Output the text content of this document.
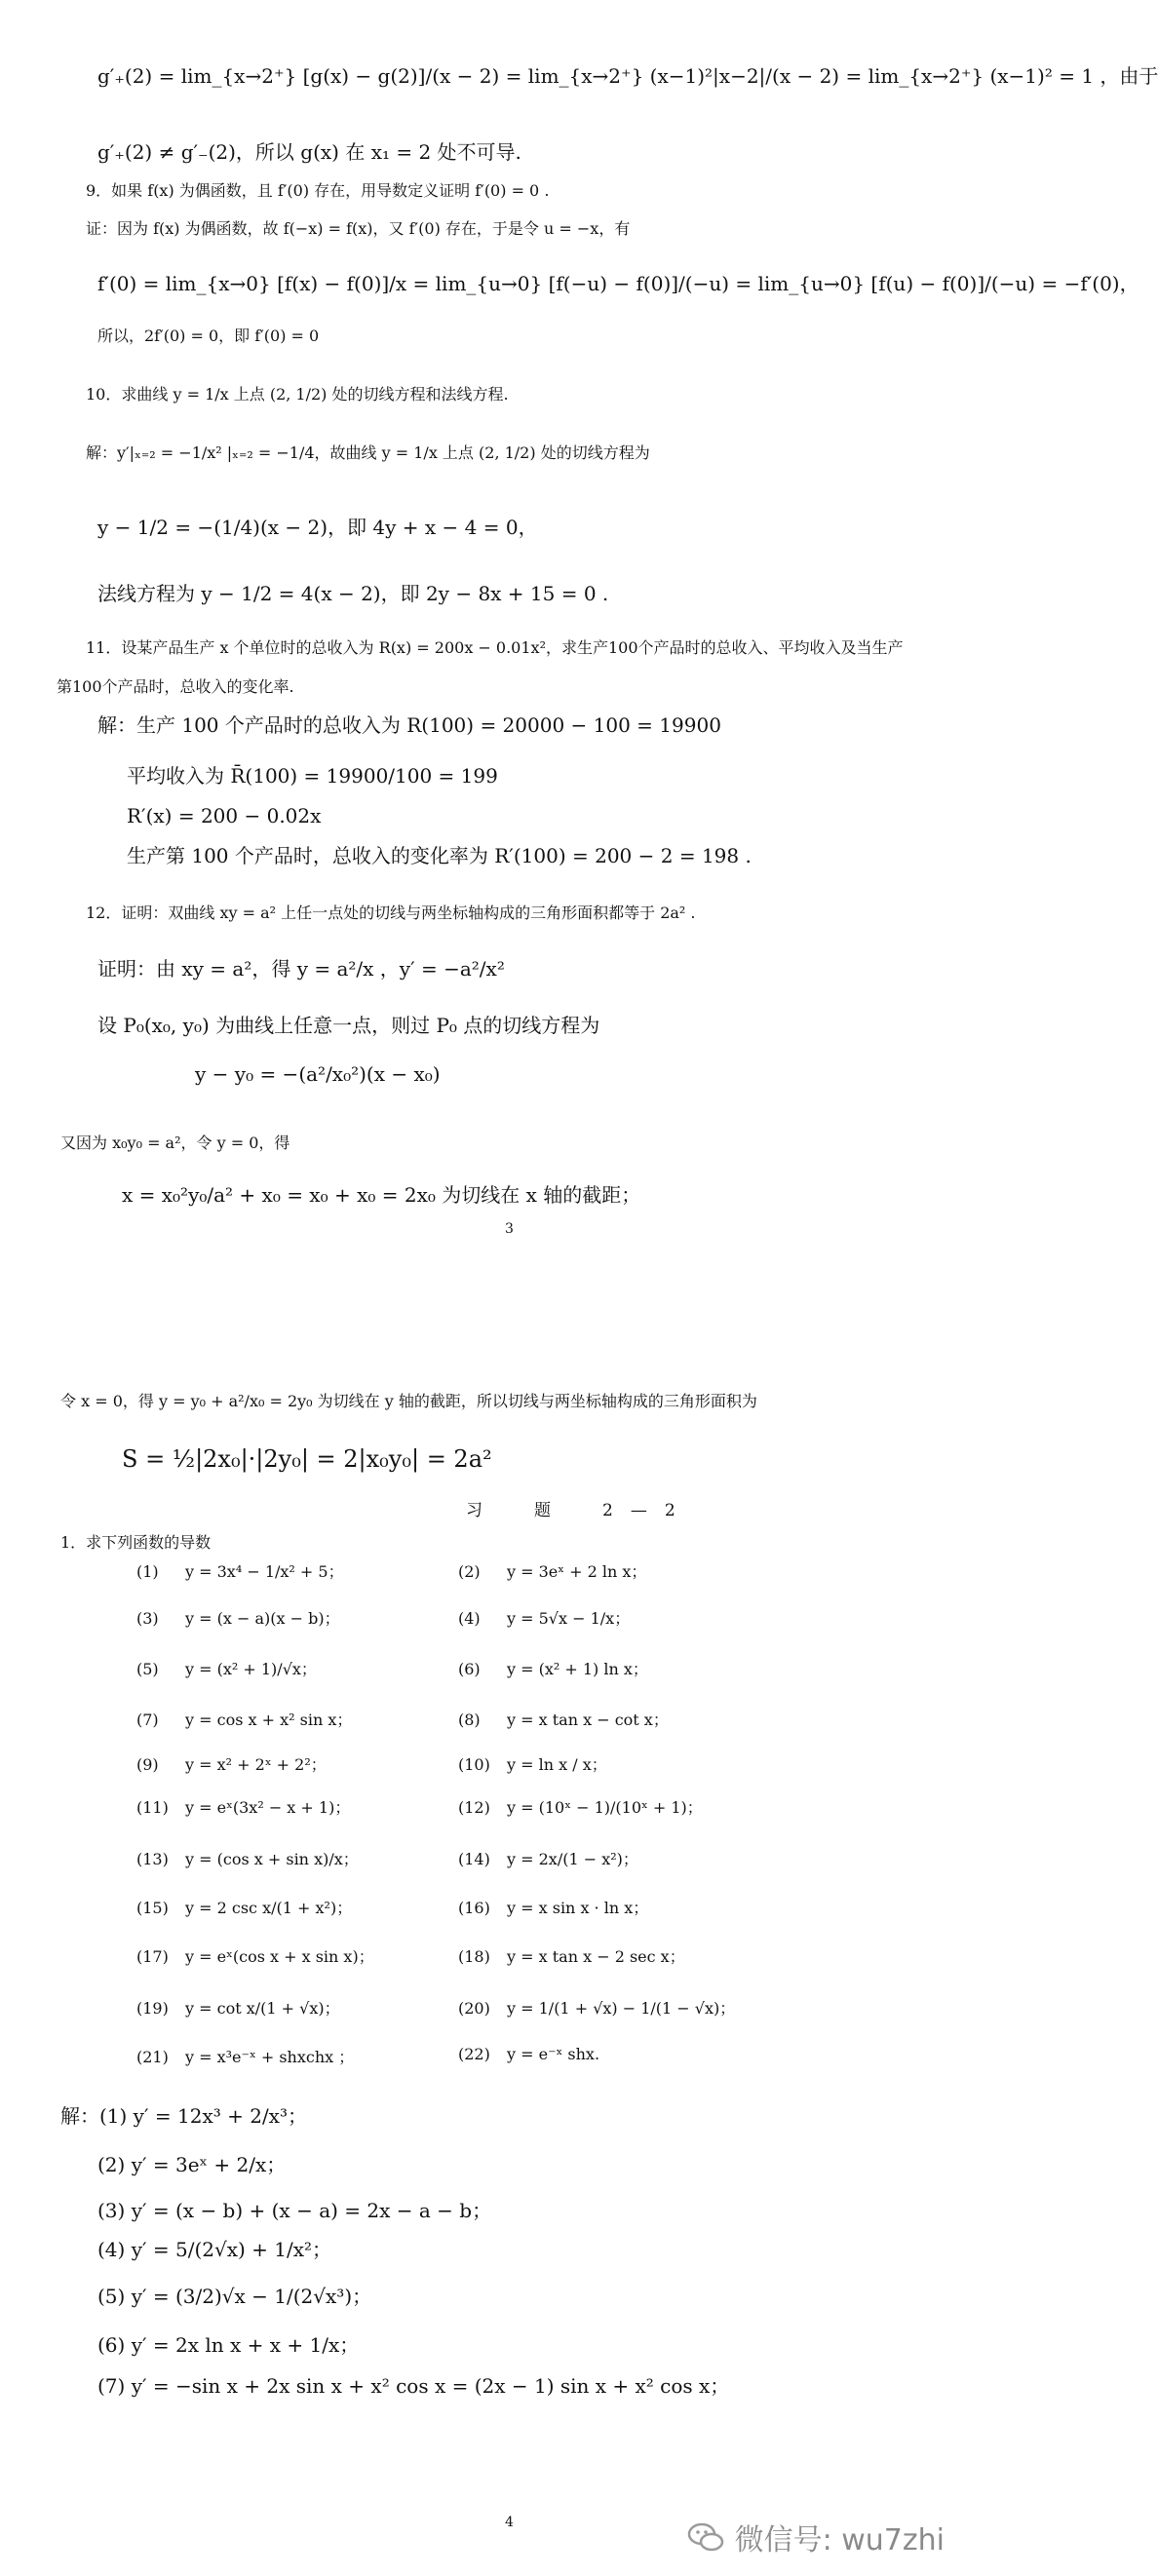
g′₊(2) = lim_{x→2⁺} [g(x) − g(2)]/(x − 2) = lim_{x→2⁺} (x−1)²|x−2|/(x − 2) = lim_{x→2⁺} (x−1)² = 1 ，由于
g′₊(2) ≠ g′₋(2)，所以 g(x) 在 x₁ = 2 处不可导.
9．如果 f(x) 为偶函数，且 f′(0) 存在，用导数定义证明 f′(0) = 0 .
证：因为 f(x) 为偶函数，故 f(−x) = f(x)，又 f′(0) 存在，于是令 u = −x，有
f′(0) = lim_{x→0} [f(x) − f(0)]/x = lim_{u→0} [f(−u) − f(0)]/(−u) = lim_{u→0} [f(u) − f(0)]/(−u) = −f′(0)，
所以，2f′(0) = 0，即 f′(0) = 0
10．求曲线 y = 1/x 上点 (2, 1/2) 处的切线方程和法线方程.
解：y′|ₓ₌₂ = −1/x² |ₓ₌₂ = −1/4，故曲线 y = 1/x 上点 (2, 1/2) 处的切线方程为
y − 1/2 = −(1/4)(x − 2)，即 4y + x − 4 = 0，
法线方程为 y − 1/2 = 4(x − 2)，即 2y − 8x + 15 = 0 .
11．设某产品生产 x 个单位时的总收入为 R(x) = 200x − 0.01x²，求生产100个产品时的总收入、平均收入及当生产
第100个产品时，总收入的变化率.
解：生产 100 个产品时的总收入为 R(100) = 20000 − 100 = 19900
平均收入为 R̄(100) = 19900/100 = 199
R′(x) = 200 − 0.02x
生产第 100 个产品时，总收入的变化率为 R′(100) = 200 − 2 = 198 .
12．证明：双曲线 xy = a² 上任一点处的切线与两坐标轴构成的三角形面积都等于 2a² .
证明：由 xy = a²，得 y = a²/x ，y′ = −a²/x²
设 P₀(x₀, y₀) 为曲线上任意一点，则过 P₀ 点的切线方程为
y − y₀ = −(a²/x₀²)(x − x₀)
又因为 x₀y₀ = a²，令 y = 0，得
x = x₀²y₀/a² + x₀ = x₀ + x₀ = 2x₀ 为切线在 x 轴的截距；
3
令 x = 0，得 y = y₀ + a²/x₀ = 2y₀ 为切线在 y 轴的截距，所以切线与两坐标轴构成的三角形面积为
S = ½|2x₀|·|2y₀| = 2|x₀y₀| = 2a²
习　题　2—2
1．求下列函数的导数
(1) y = 3x⁴ − 1/x² + 5；	(2) y = 3eˣ + 2 ln x；
(3) y = (x − a)(x − b)；	(4) y = 5√x − 1/x；
(5) y = (x² + 1)/√x；	(6) y = (x² + 1) ln x；
(7) y = cos x + x² sin x；	(8) y = x tan x − cot x；
(9) y = x² + 2ˣ + 2²；	(10) y = ln x / x；
(11) y = eˣ(3x² − x + 1)；	(12) y = (10ˣ − 1)/(10ˣ + 1)；
(13) y = (cos x + sin x)/x；	(14) y = 2x/(1 − x²)；
(15) y = 2 csc x/(1 + x²)；	(16) y = x sin x · ln x；
(17) y = eˣ(cos x + x sin x)；	(18) y = x tan x − 2 sec x；
(19) y = cot x/(1 + √x)；	(20) y = 1/(1 + √x) − 1/(1 − √x)；
(21) y = x³e⁻ˣ + shxchx ；	(22) y = e⁻ˣ shx.
解：(1) y′ = 12x³ + 2/x³；
(2) y′ = 3eˣ + 2/x；
(3) y′ = (x − b) + (x − a) = 2x − a − b；
(4) y′ = 5/(2√x) + 1/x²；
(5) y′ = (3/2)√x − 1/(2√x³)；
(6) y′ = 2x ln x + x + 1/x；
(7) y′ = −sin x + 2x sin x + x² cos x = (2x − 1) sin x + x² cos x；
4
微信号: wu7zhi
